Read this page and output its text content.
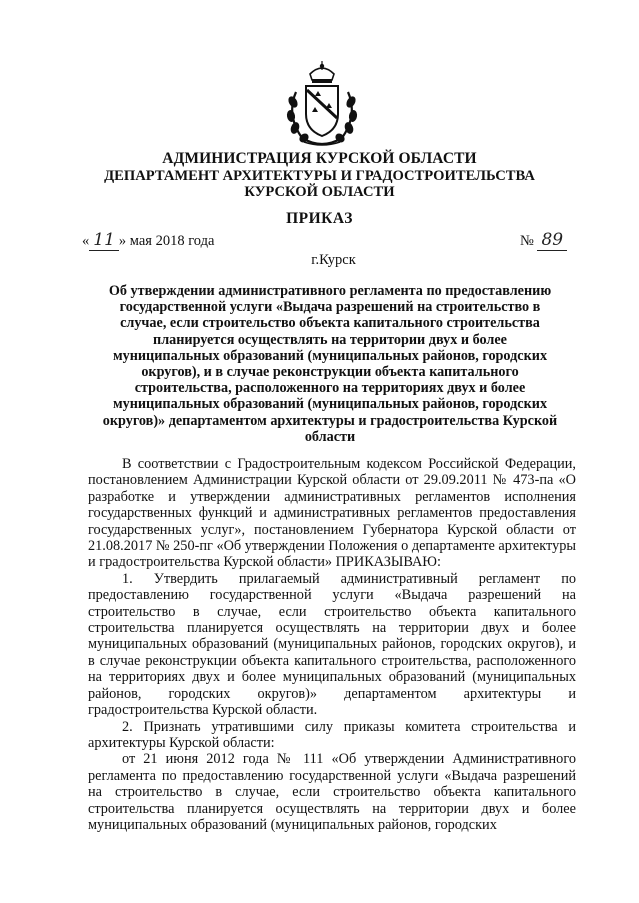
АДМИНИСТРАЦИЯ КУРСКОЙ ОБЛАСТИ
ДЕПАРТАМЕНТ АРХИТЕКТУРЫ И ГРАДОСТРОИТЕЛЬСТВА
КУРСКОЙ ОБЛАСТИ
ПРИКАЗ
« 11 » мая 2018 года	№ 89
г.Курск
Об утверждении административного регламента по предоставлению государственной услуги «Выдача разрешений на строительство в случае, если строительство объекта капитального строительства планируется осуществлять на территории двух и более муниципальных образований (муниципальных районов, городских округов), и в случае реконструкции объекта капитального строительства, расположенного на территориях двух и более муниципальных образований (муниципальных районов, городских округов)» департаментом архитектуры и градостроительства Курской области

В соответствии с Градостроительным кодексом Российской Федерации, постановлением Администрации Курской области от 29.09.2011 № 473-па «О разработке и утверждении административных регламентов исполнения государственных функций и административных регламентов предоставления государственных услуг», постановлением Губернатора Курской области от 21.08.2017 № 250-пг «Об утверждении Положения о департаменте архитектуры и градостроительства Курской области» ПРИКАЗЫВАЮ:

1. Утвердить прилагаемый административный регламент по предоставлению государственной услуги «Выдача разрешений на строительство в случае, если строительство объекта капитального строительства планируется осуществлять на территории двух и более муниципальных образований (муниципальных районов, городских округов), и в случае реконструкции объекта капитального строительства, расположенного на территориях двух и более муниципальных образований (муниципальных районов, городских округов)» департаментом архитектуры и градостроительства Курской области.

2. Признать утратившими силу приказы комитета строительства и архитектуры Курской области:

от 21 июня 2012 года № 111 «Об утверждении Административного регламента по предоставлению государственной услуги «Выдача разрешений на строительство в случае, если строительство объекта капитального строительства планируется осуществлять на территории двух и более муниципальных образований (муниципальных районов, городских
